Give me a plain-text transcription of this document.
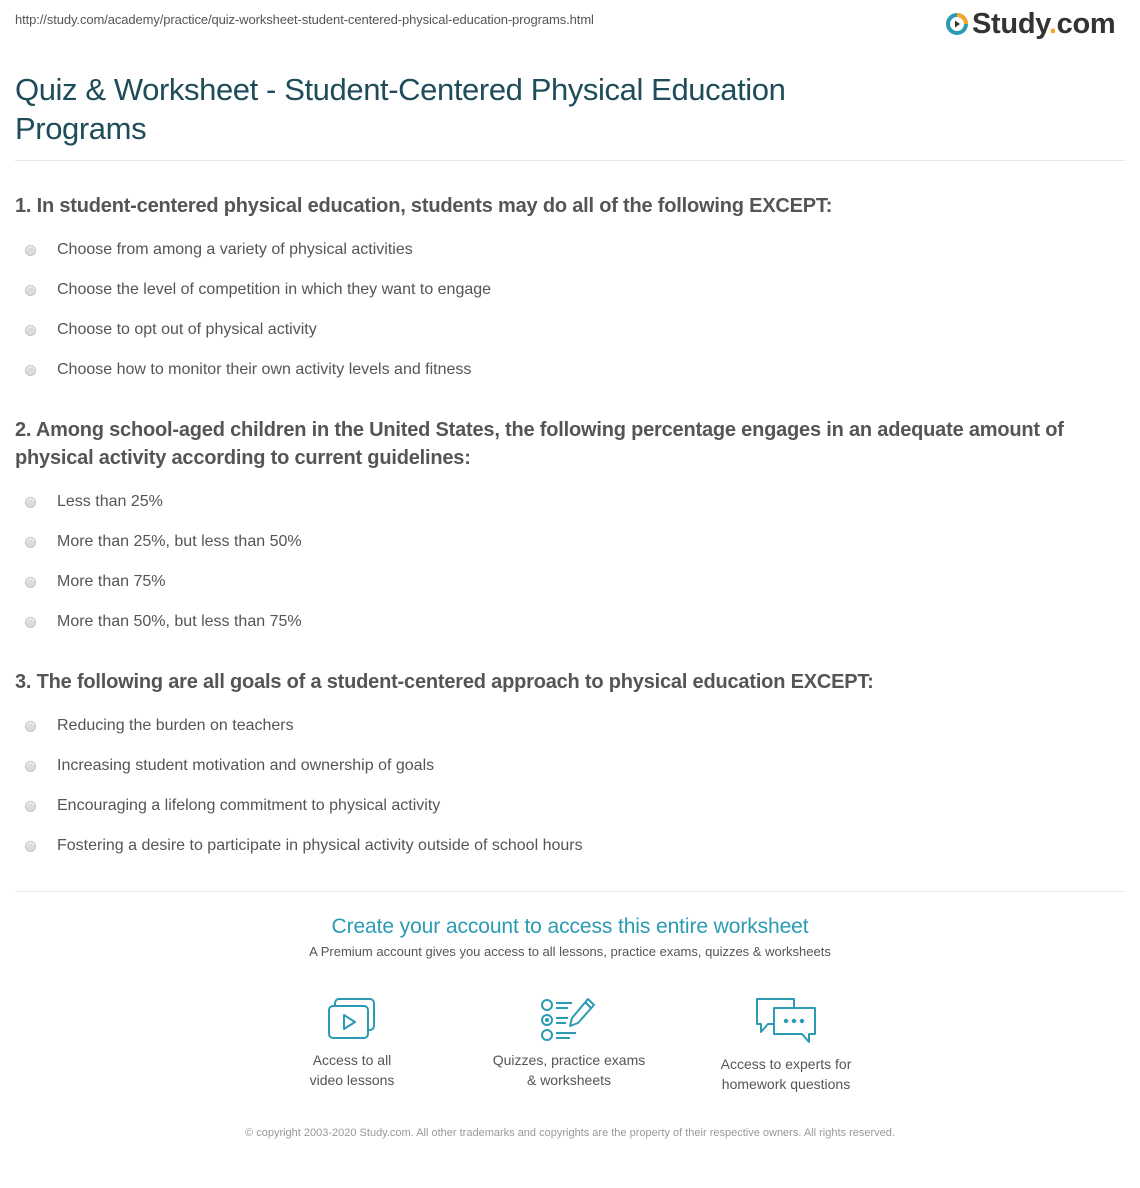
http://study.com/academy/practice/quiz-worksheet-student-centered-physical-education-programs.html	Study.com
Quiz & Worksheet - Student-Centered Physical Education Programs
1. In student-centered physical education, students may do all of the following EXCEPT:
Choose from among a variety of physical activities
Choose the level of competition in which they want to engage
Choose to opt out of physical activity
Choose how to monitor their own activity levels and fitness
2. Among school-aged children in the United States, the following percentage engages in an adequate amount of physical activity according to current guidelines:
Less than 25%
More than 25%, but less than 50%
More than 75%
More than 50%, but less than 75%
3. The following are all goals of a student-centered approach to physical education EXCEPT:
Reducing the burden on teachers
Increasing student motivation and ownership of goals
Encouraging a lifelong commitment to physical activity
Fostering a desire to participate in physical activity outside of school hours
Create your account to access this entire worksheet
A Premium account gives you access to all lessons, practice exams, quizzes & worksheets
Access to all
video lessons
Quizzes, practice exams
& worksheets
Access to experts for
homework questions
© copyright 2003-2020 Study.com. All other trademarks and copyrights are the property of their respective owners. All rights reserved.
